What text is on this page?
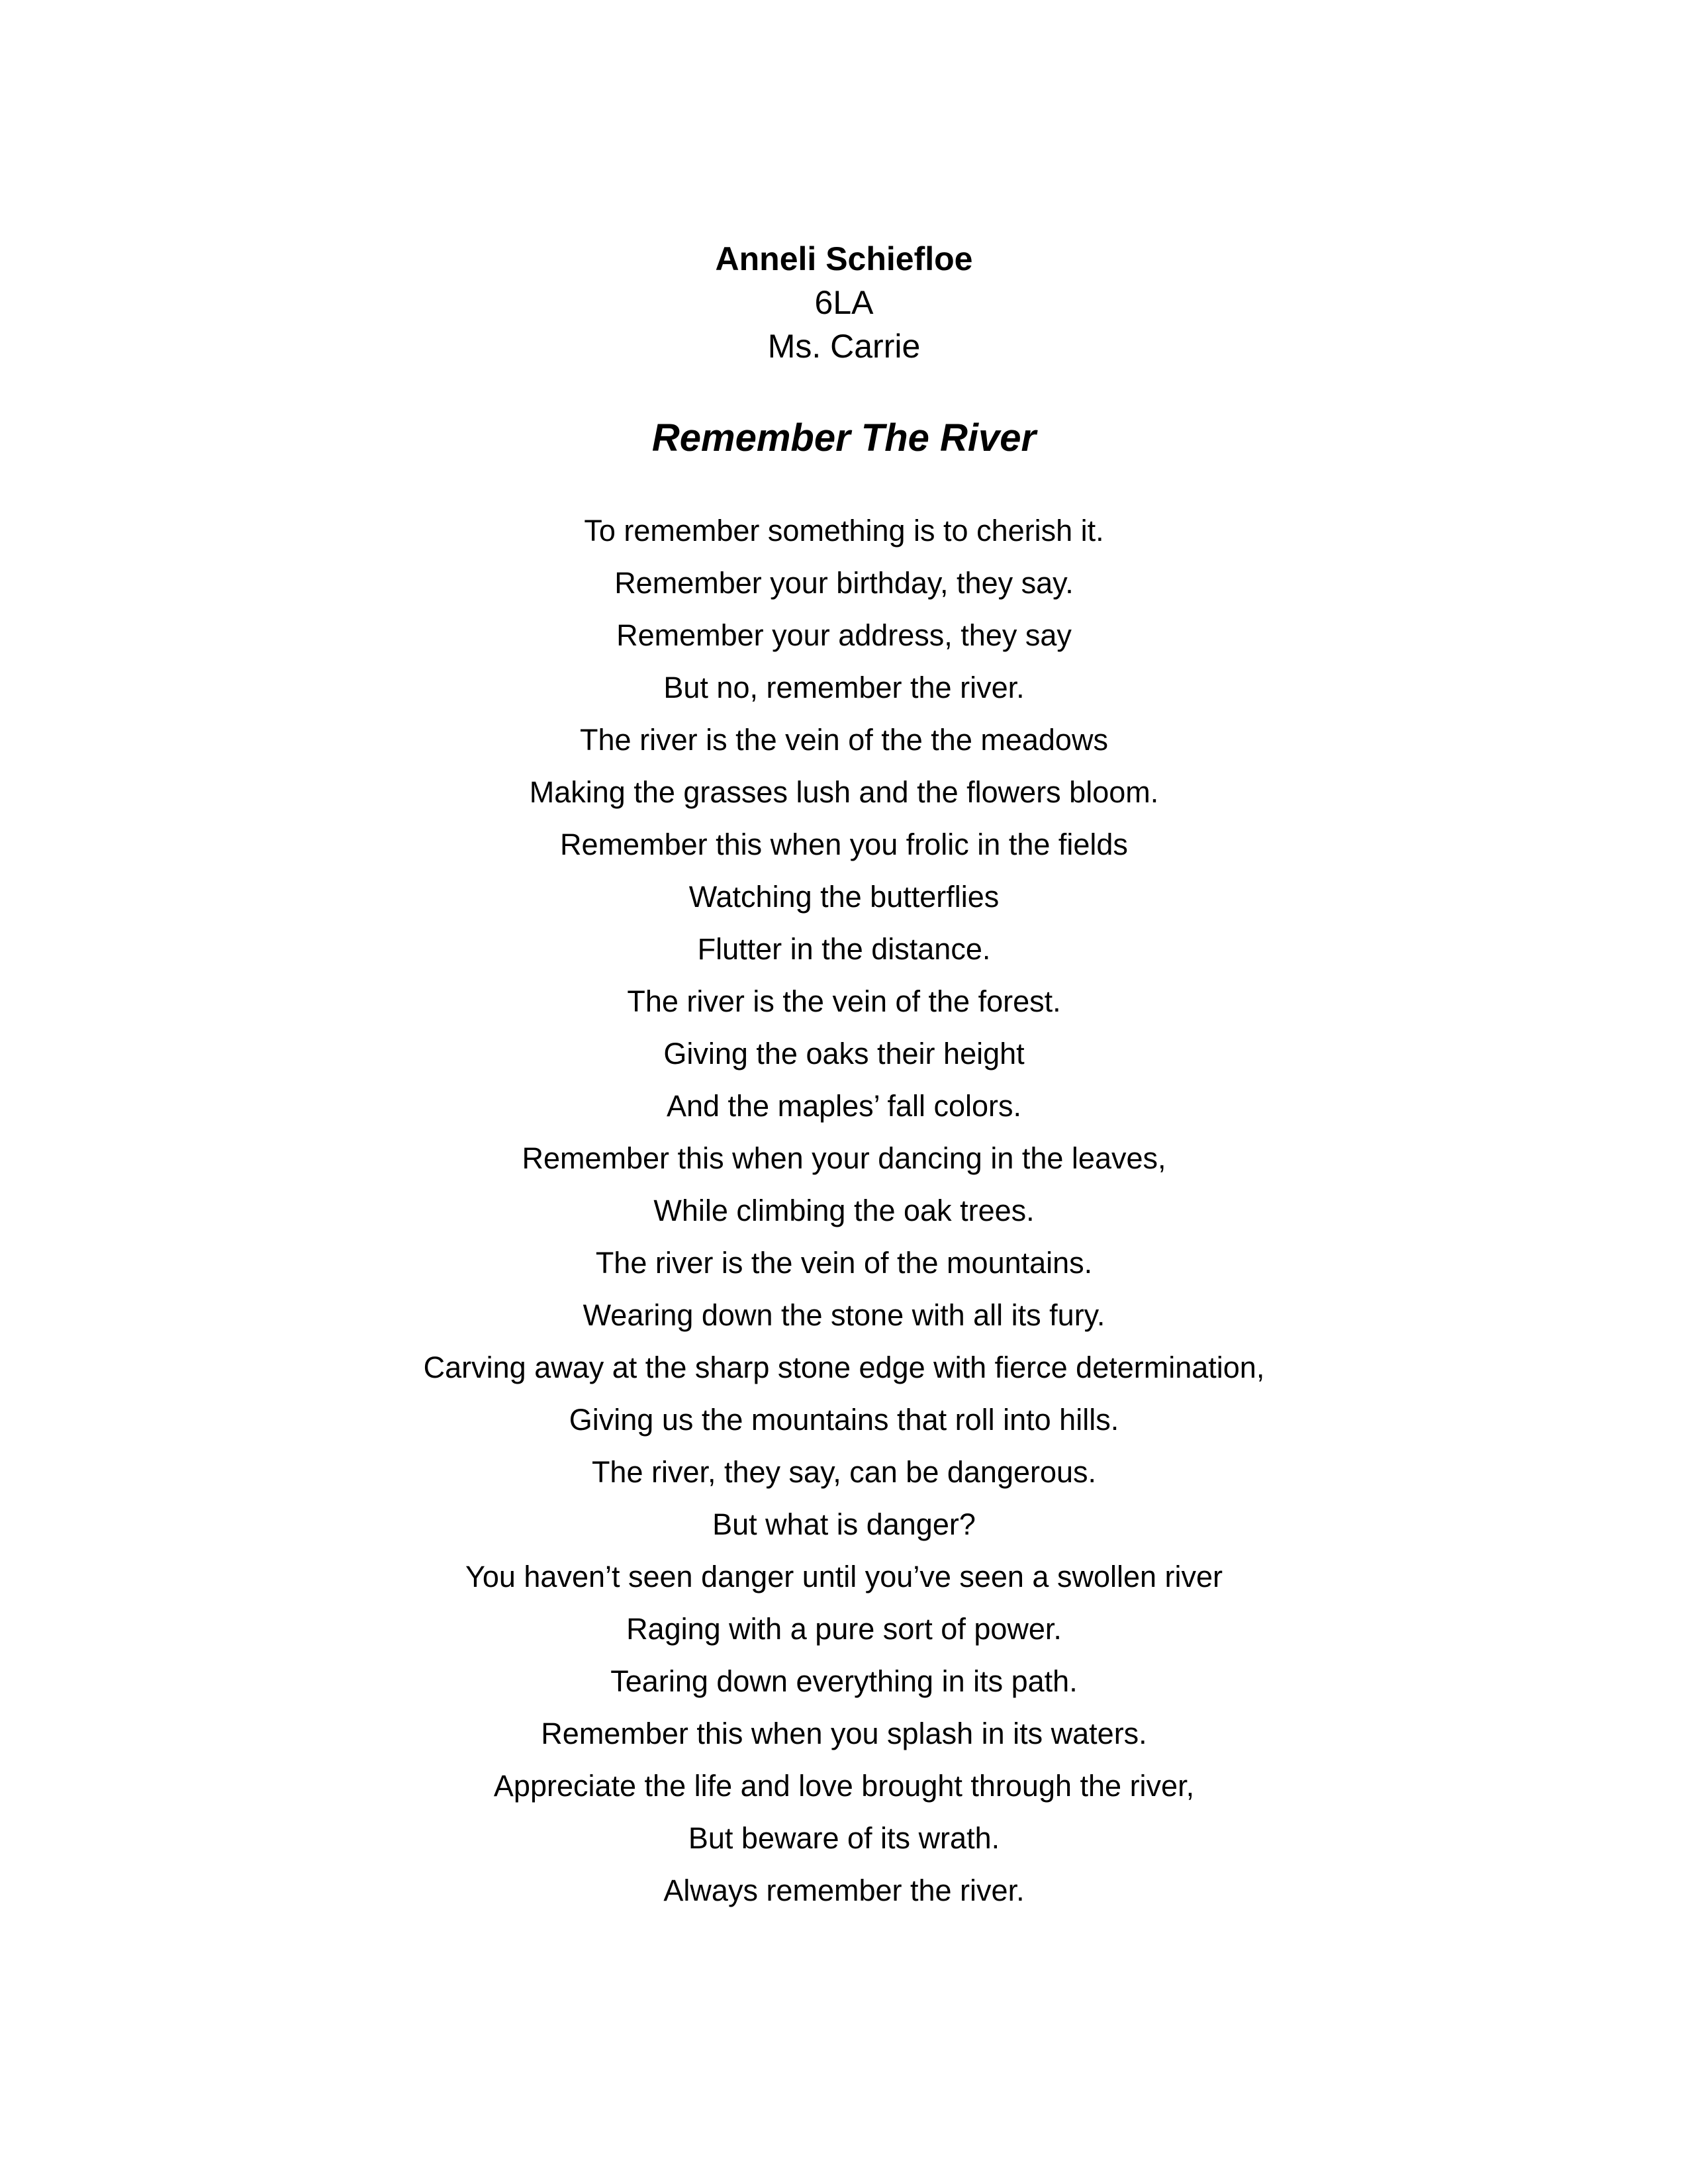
Anneli Schiefloe
6LA
Ms. Carrie
Remember The River
To remember something is to cherish it.
Remember your birthday, they say.
Remember your address, they say
But no, remember the river.
The river is the vein of the the meadows
Making the grasses lush and the flowers bloom.
Remember this when you frolic in the fields
Watching the butterflies
Flutter in the distance.
The river is the vein of the forest.
Giving the oaks their height
And the maples’ fall colors.
Remember this when your dancing in the leaves,
While climbing the oak trees.
The river is the vein of the mountains.
Wearing down the stone with all its fury.
Carving away at the sharp stone edge with fierce determination,
Giving us the mountains that roll into hills.
The river, they say, can be dangerous.
But what is danger?
You haven’t seen danger until you’ve seen a swollen river
Raging with a pure sort of power.
Tearing down everything in its path.
Remember this when you splash in its waters.
Appreciate the life and love brought through the river,
But beware of its wrath.
Always remember the river.
